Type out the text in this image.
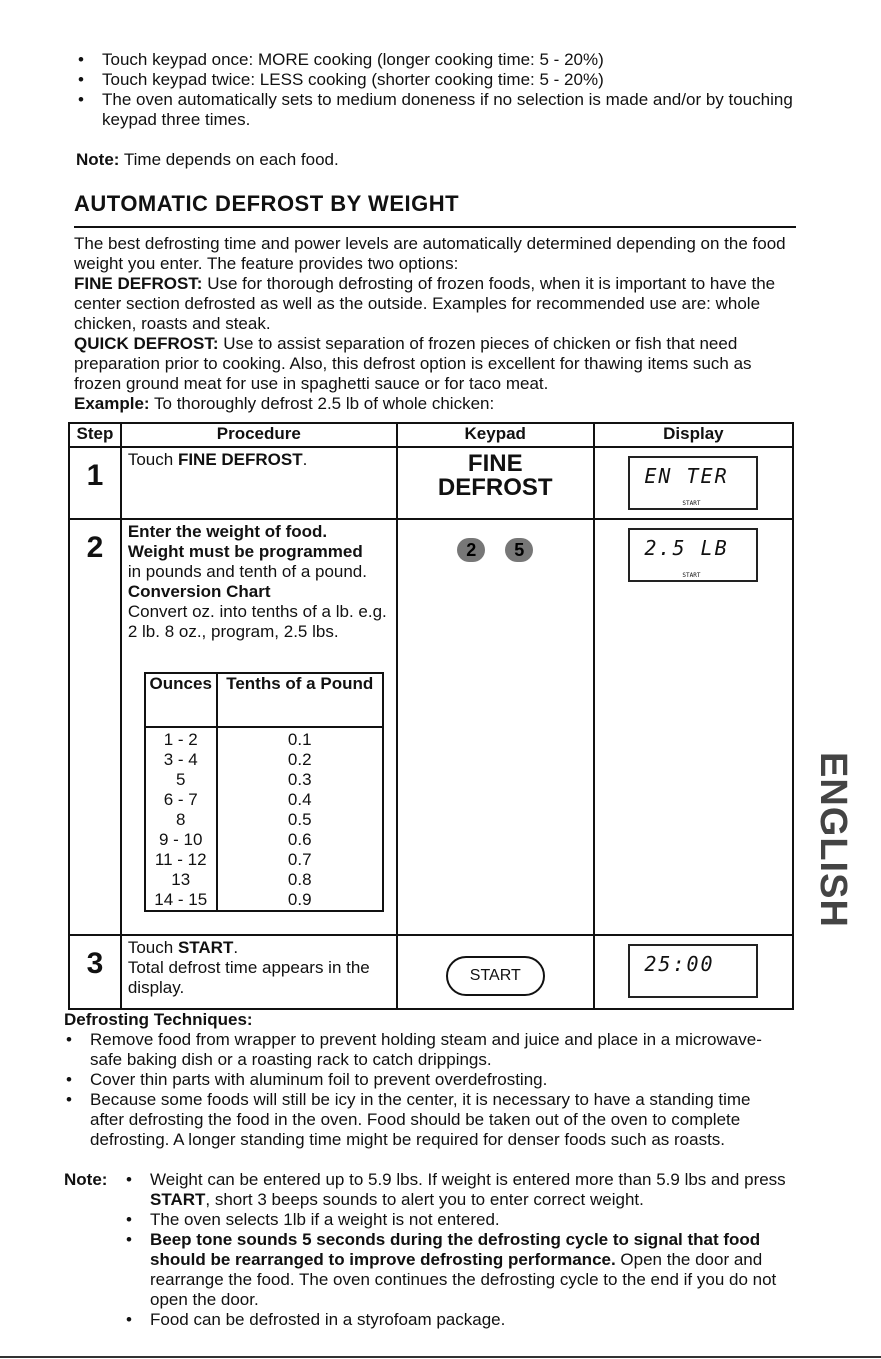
• Touch keypad once: MORE cooking (longer cooking time: 5 - 20%)
• Touch keypad twice: LESS cooking (shorter cooking time: 5 - 20%)
• The oven automatically sets to medium doneness if no selection is made and/or by touching keypad three times.
Note: Time depends on each food.
AUTOMATIC DEFROST BY WEIGHT

The best defrosting time and power levels are automatically determined depending on the food weight you enter. The feature provides two options:

FINE DEFROST: Use for thorough defrosting of frozen foods, when it is important to have the center section defrosted as well as the outside. Examples for recommended use are: whole chicken, roasts and steak.

QUICK DEFROST: Use to assist separation of frozen pieces of chicken or fish that need preparation prior to cooking. Also, this defrost option is excellent for thawing items such as frozen ground meat for use in spaghetti sauce or for taco meat.

Example: To thoroughly defrost 2.5 lb of whole chicken:

Step	Procedure	Keypad	Display
1	Touch FINE DEFROST.	FINE
DEFROST	EN TER
START

2	Enter the weight of food.
Weight must be programmed
in pounds and tenth of a pound.
Conversion Chart
Convert oz. into tenths of a lb. e.g. 2 lb. 8 oz., program, 2.5 lbs.
Ounces	Tenths of a Pound

1 - 2
3 - 4
5
6 - 7
8
9 - 10
11 - 12
13
14 - 15

0.1
0.2
0.3
0.4
0.5
0.6
0.7
0.8
0.9
	2 5	2.5 LB
START

3	Touch START.
Total defrost time appears in the display.	START	25:00
Defrosting Techniques:
• Remove food from wrapper to prevent holding steam and juice and place in a microwave-safe baking dish or a roasting rack to catch drippings.
• Cover thin parts with aluminum foil to prevent overdefrosting.
• Because some foods will still be icy in the center, it is necessary to have a standing time after defrosting the food in the oven. Food should be taken out of the oven to complete defrosting. A longer standing time might be required for denser foods such as roasts.
Note:
•	Weight can be entered up to 5.9 lbs. If weight is entered more than 5.9 lbs and press START, short 3 beeps sounds to alert you to enter correct weight.
• The oven selects 1lb if a weight is not entered.
• Beep tone sounds 5 seconds during the defrosting cycle to signal that food should be rearranged to improve defrosting performance. Open the door and rearrange the food. The oven continues the defrosting cycle to the end if you do not open the door.
• Food can be defrosted in a styrofoam package.
ENGLISH
